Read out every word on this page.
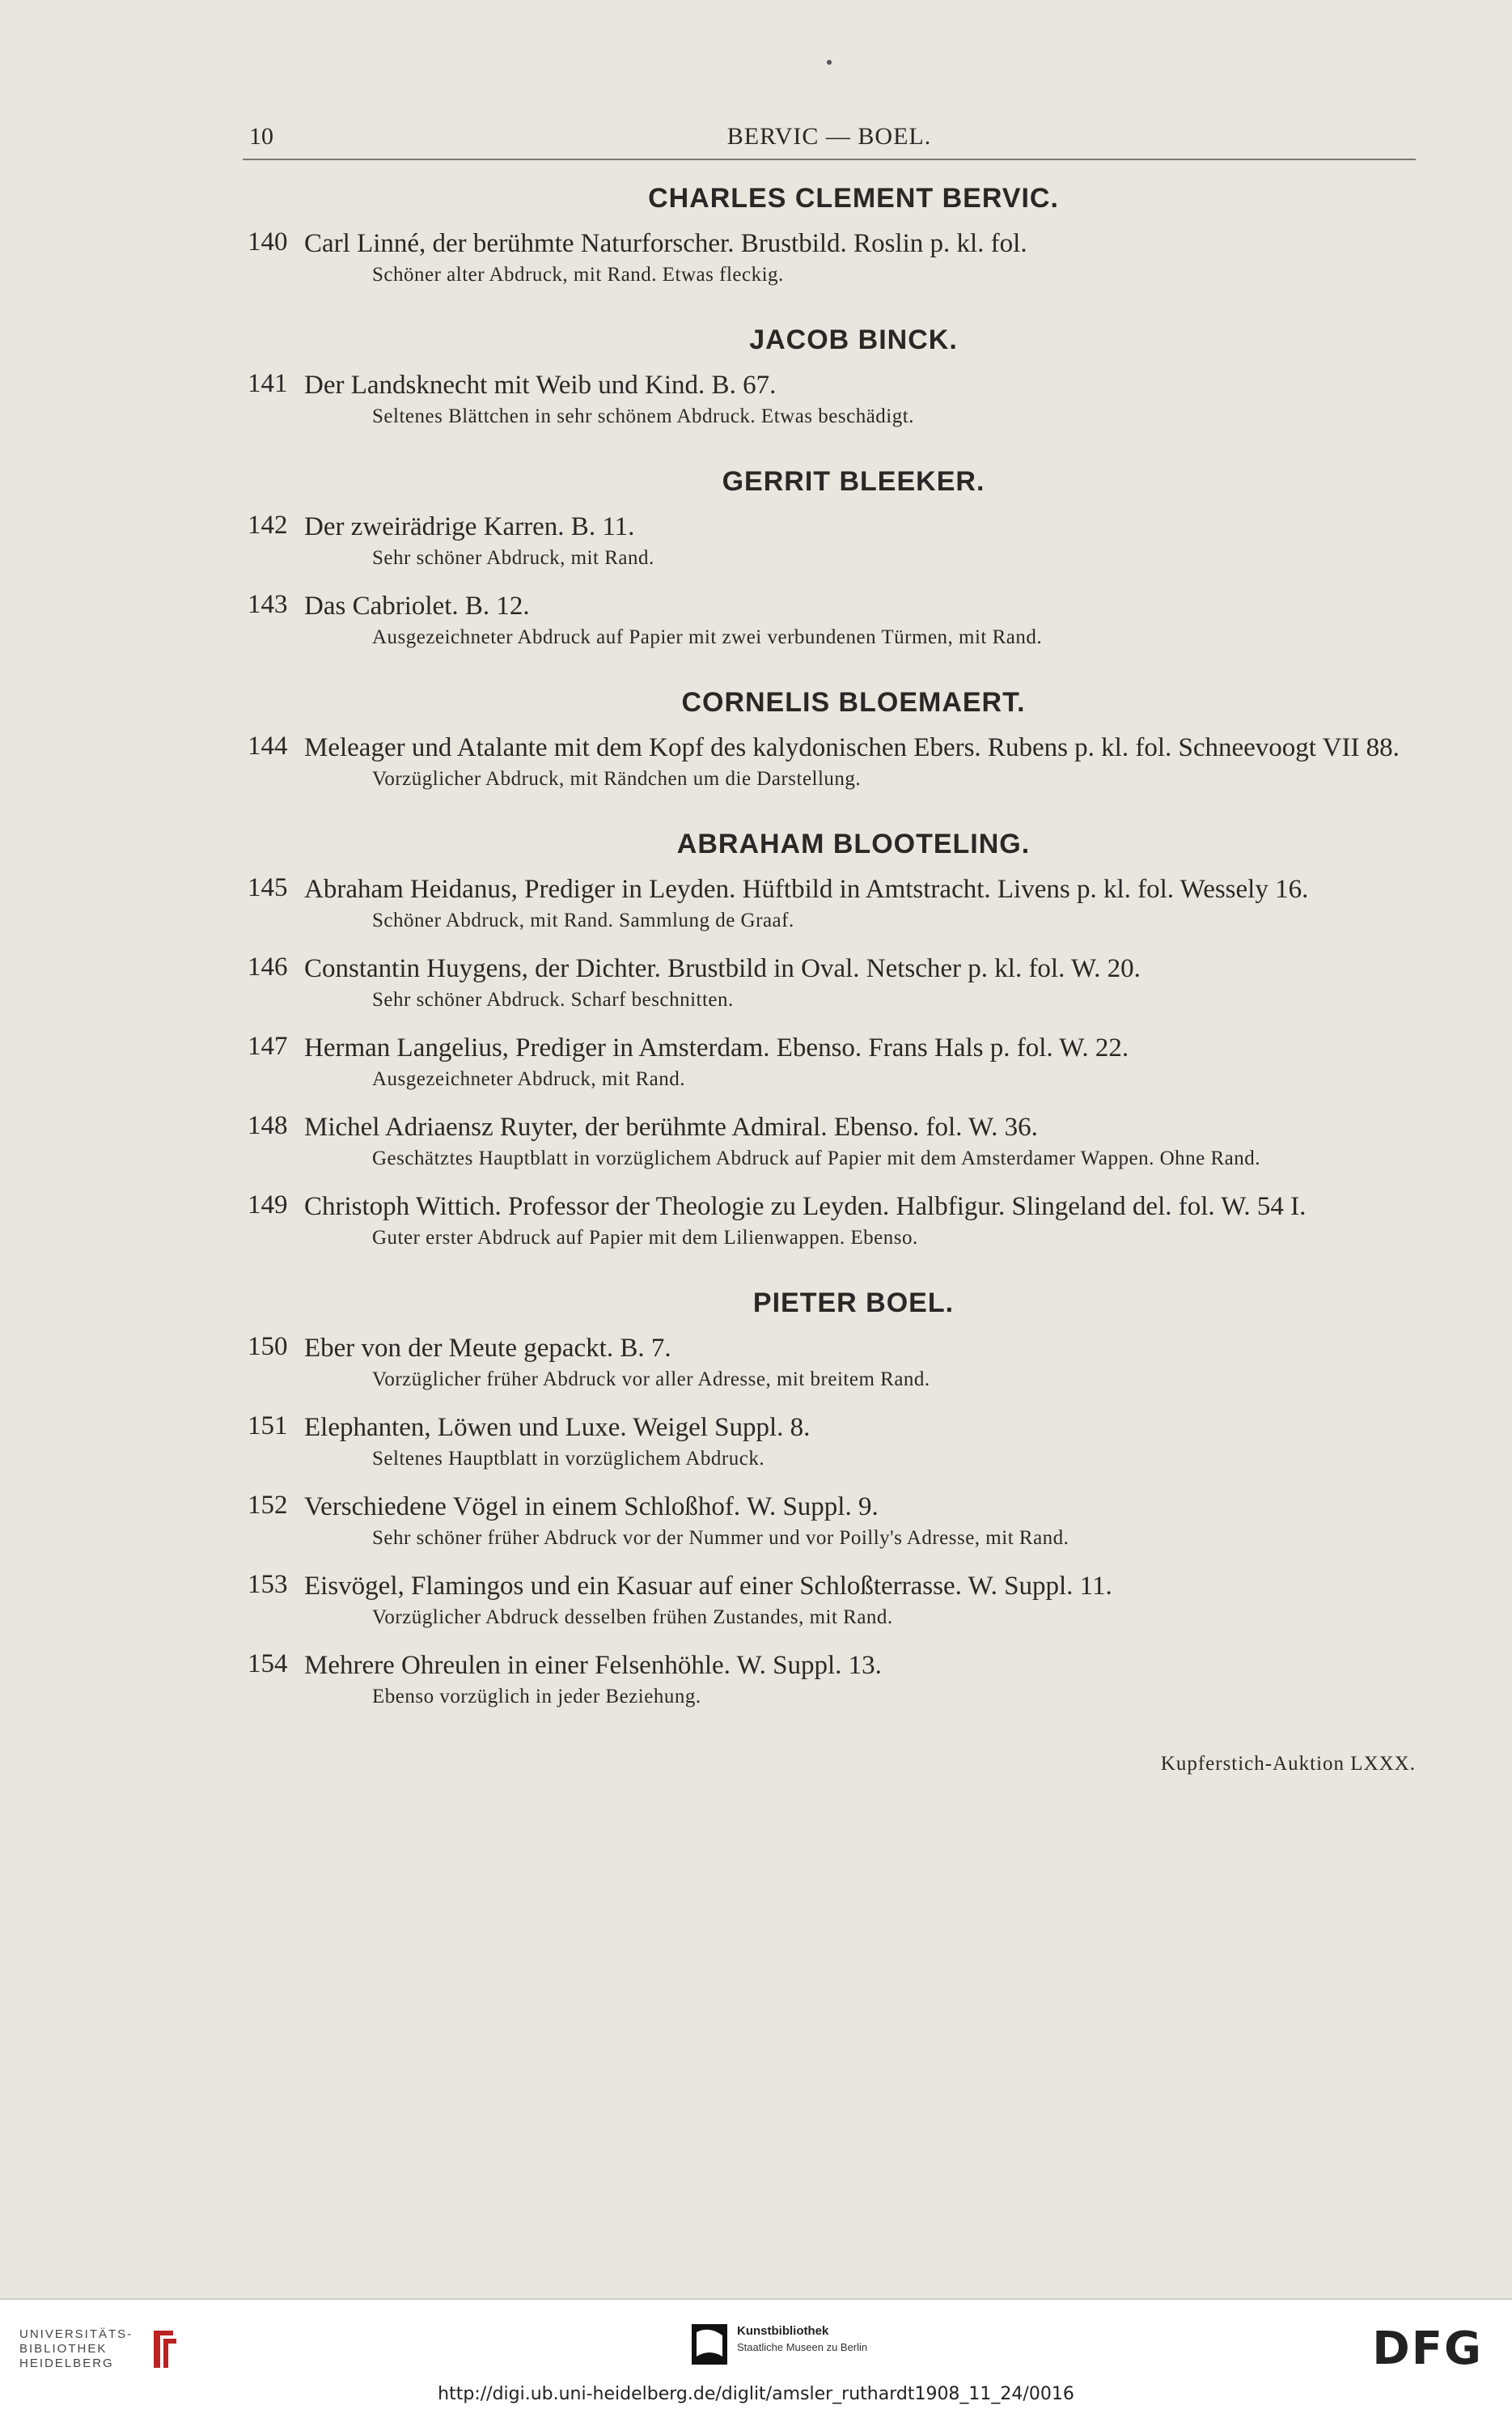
10	BERVIC — BOEL.
CHARLES CLEMENT BERVIC.
140 Carl Linné, der berühmte Naturforscher. Brustbild. Roslin p. kl. fol.
Schöner alter Abdruck, mit Rand. Etwas fleckig.
JACOB BINCK.
141 Der Landsknecht mit Weib und Kind. B. 67.
Seltenes Blättchen in sehr schönem Abdruck. Etwas beschädigt.
GERRIT BLEEKER.
142 Der zweirädrige Karren. B. 11.
Sehr schöner Abdruck, mit Rand.
143 Das Cabriolet. B. 12.
Ausgezeichneter Abdruck auf Papier mit zwei verbundenen Türmen, mit Rand.
CORNELIS BLOEMAERT.
144 Meleager und Atalante mit dem Kopf des kalydonischen Ebers. Rubens p. kl. fol. Schneevoogt VII 88.
Vorzüglicher Abdruck, mit Rändchen um die Darstellung.
ABRAHAM BLOOTELING.
145 Abraham Heidanus, Prediger in Leyden. Hüftbild in Amtstracht. Livens p. kl. fol. Wessely 16.
Schöner Abdruck, mit Rand. Sammlung de Graaf.
146 Constantin Huygens, der Dichter. Brustbild in Oval. Netscher p. kl. fol. W. 20.
Sehr schöner Abdruck. Scharf beschnitten.
147 Herman Langelius, Prediger in Amsterdam. Ebenso. Frans Hals p. fol. W. 22.
Ausgezeichneter Abdruck, mit Rand.
148 Michel Adriaensz Ruyter, der berühmte Admiral. Ebenso. fol. W. 36.
Geschätztes Hauptblatt in vorzüglichem Abdruck auf Papier mit dem Amsterdamer Wappen. Ohne Rand.
149 Christoph Wittich. Professor der Theologie zu Leyden. Halbfigur. Slingeland del. fol. W. 54 I.
Guter erster Abdruck auf Papier mit dem Lilienwappen. Ebenso.
PIETER BOEL.
150 Eber von der Meute gepackt. B. 7.
Vorzüglicher früher Abdruck vor aller Adresse, mit breitem Rand.
151 Elephanten, Löwen und Luxe. Weigel Suppl. 8.
Seltenes Hauptblatt in vorzüglichem Abdruck.
152 Verschiedene Vögel in einem Schloßhof. W. Suppl. 9.
Sehr schöner früher Abdruck vor der Nummer und vor Poilly's Adresse, mit Rand.
153 Eisvögel, Flamingos und ein Kasuar auf einer Schloßterrasse. W. Suppl. 11.
Vorzüglicher Abdruck desselben frühen Zustandes, mit Rand.
154 Mehrere Ohreulen in einer Felsenhöhle. W. Suppl. 13.
Ebenso vorzüglich in jeder Beziehung.
Kupferstich-Auktion LXXX.
UNIVERSITÄTS-
BIBLIOTHEK
HEIDELBERG
Kunstbibliothek
Staatliche Museen zu Berlin	DFG
http://digi.ub.uni-heidelberg.de/diglit/amsler_ruthardt1908_11_24/0016
